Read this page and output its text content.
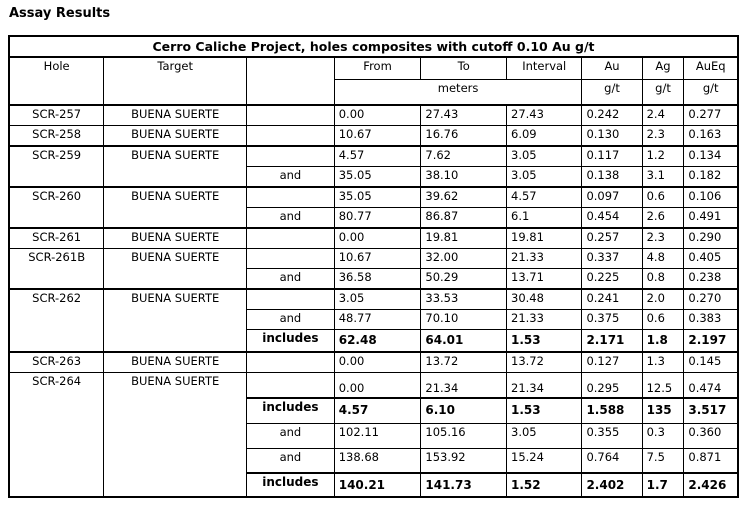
Assay Results
Cerro Caliche Project, holes composites with cutoff 0.10 Au g/t								
Hole	Target		From	To	Interval	Au	Ag	AuEq
			meters			g/t	g/t	g/t
SCR-257	BUENA SUERTE		0.00	27.43	27.43	0.242	2.4	0.277
SCR-258	BUENA SUERTE		10.67	16.76	6.09	0.130	2.3	0.163
SCR-259	BUENA SUERTE		4.57	7.62	3.05	0.117	1.2	0.134
		and	35.05	38.10	3.05	0.138	3.1	0.182
SCR-260	BUENA SUERTE		35.05	39.62	4.57	0.097	0.6	0.106
		and	80.77	86.87	6.1	0.454	2.6	0.491
SCR-261	BUENA SUERTE		0.00	19.81	19.81	0.257	2.3	0.290
SCR-261B	BUENA SUERTE		10.67	32.00	21.33	0.337	4.8	0.405
		and	36.58	50.29	13.71	0.225	0.8	0.238
SCR-262	BUENA SUERTE		3.05	33.53	30.48	0.241	2.0	0.270
		and	48.77	70.10	21.33	0.375	0.6	0.383
		includes	62.48	64.01	1.53	2.171	1.8	2.197
SCR-263	BUENA SUERTE		0.00	13.72	13.72	0.127	1.3	0.145
SCR-264	BUENA SUERTE		0.00	21.34	21.34	0.295	12.5	0.474
		includes	4.57	6.10	1.53	1.588	135	3.517
		and	102.11	105.16	3.05	0.355	0.3	0.360
		and	138.68	153.92	15.24	0.764	7.5	0.871
		includes	140.21	141.73	1.52	2.402	1.7	2.426
